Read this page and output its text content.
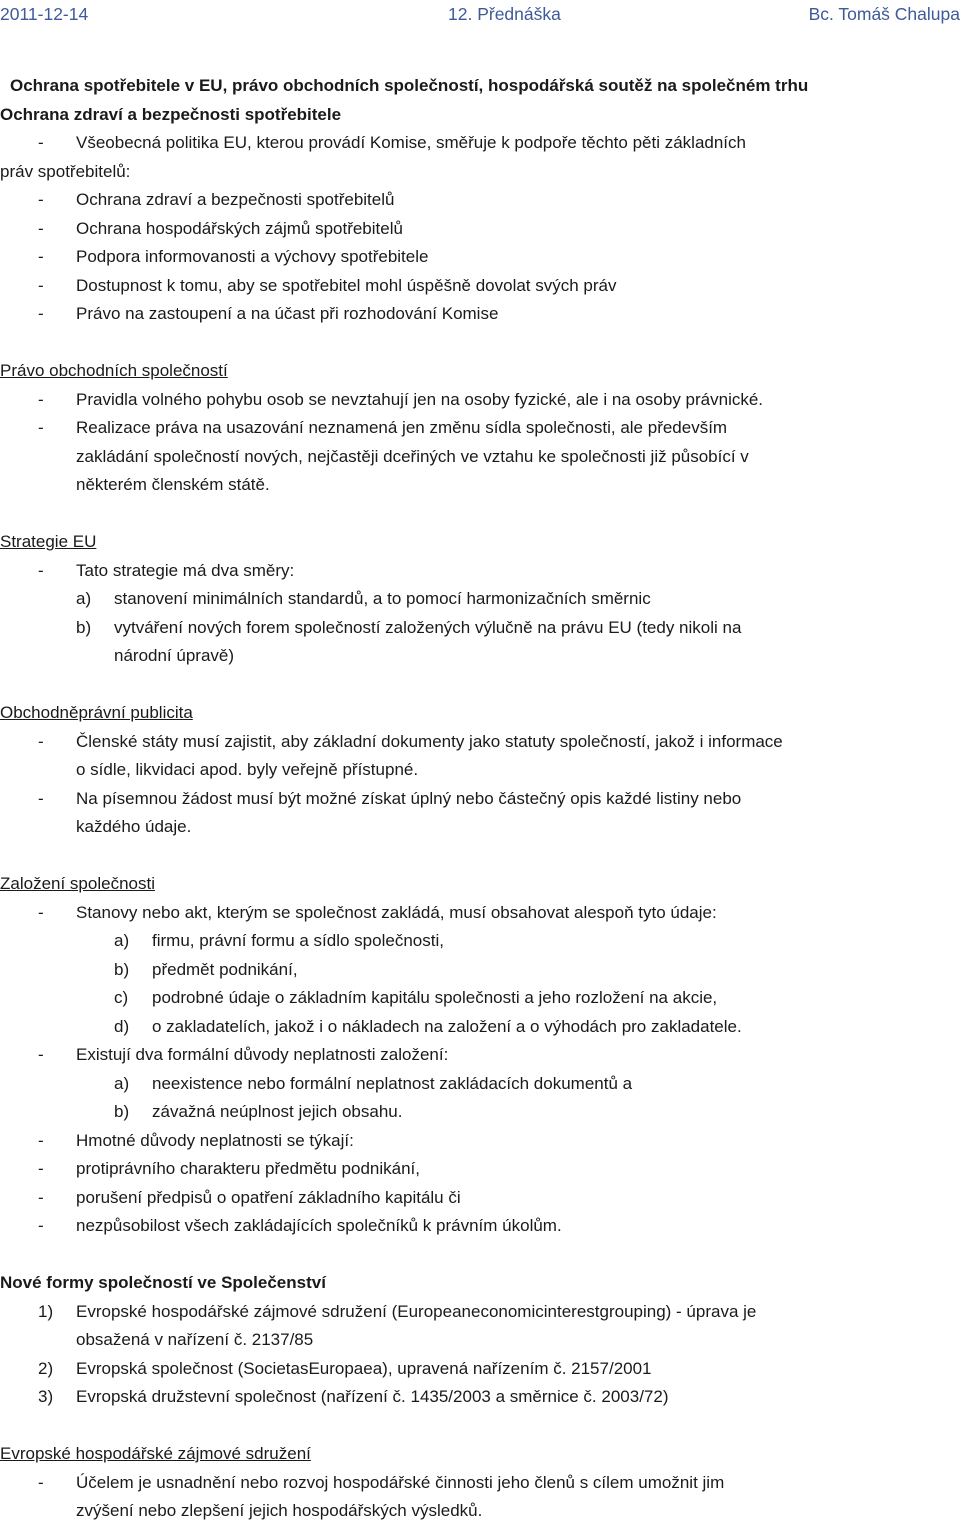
2011-12-14	12. Přednáška	Bc. Tomáš Chalupa
Ochrana spotřebitele v EU, právo obchodních společností, hospodářská soutěž na společném trhu
Ochrana zdraví a bezpečnosti spotřebitele
-	Všeobecná politika EU, kterou provádí Komise, směřuje k podpoře těchto pěti základních
práv spotřebitelů:
-	Ochrana zdraví a bezpečnosti spotřebitelů
-	Ochrana hospodářských zájmů spotřebitelů
-	Podpora informovanosti a výchovy spotřebitele
-	Dostupnost k tomu, aby se spotřebitel mohl úspěšně dovolat svých práv
-	Právo na zastoupení a na účast při rozhodování Komise
Právo obchodních společností
-	Pravidla volného pohybu osob se nevztahují jen na osoby fyzické, ale i na osoby právnické.
-	Realizace práva na usazování neznamená jen změnu sídla společnosti, ale především
zakládání společností nových, nejčastěji dceřiných ve vztahu ke společnosti již působící v
některém členském státě.
Strategie EU
-	Tato strategie má dva směry:
a)	stanovení minimálních standardů, a to pomocí harmonizačních směrnic
b)	vytváření nových forem společností založených výlučně na právu EU (tedy nikoli na
národní úpravě)
Obchodněprávní publicita
-	Členské státy musí zajistit, aby základní dokumenty jako statuty společností, jakož i informace
o sídle, likvidaci apod. byly veřejně přístupné.
-	Na písemnou žádost musí být možné získat úplný nebo částečný opis každé listiny nebo
každého údaje.
Založení společnosti
-	Stanovy nebo akt, kterým se společnost zakládá, musí obsahovat alespoň tyto údaje:
a)	firmu, právní formu a sídlo společnosti,
b)	předmět podnikání,
c)	podrobné údaje o základním kapitálu společnosti a jeho rozložení na akcie,
d)	o zakladatelích, jakož i o nákladech na založení a o výhodách pro zakladatele.
-	Existují dva formální důvody neplatnosti založení:
a)	neexistence nebo formální neplatnost zakládacích dokumentů a
b)	závažná neúplnost jejich obsahu.
-	Hmotné důvody neplatnosti se týkají:
-	protiprávního charakteru předmětu podnikání,
-	porušení předpisů o opatření základního kapitálu či
-	nezpůsobilost všech zakládajících společníků k právním úkolům.
Nové formy společností ve Společenství
1)	Evropské hospodářské zájmové sdružení (Europeaneconomicinterestgrouping) - úprava je
obsažená v nařízení č. 2137/85
2)	Evropská společnost (SocietasEuropaea), upravená nařízením č. 2157/2001
3)	Evropská družstevní společnost (nařízení č. 1435/2003 a směrnice č. 2003/72)
Evropské hospodářské zájmové sdružení
-	Účelem je usnadnění nebo rozvoj hospodářské činnosti jeho členů s cílem umožnit jim
zvýšení nebo zlepšení jejich hospodářských výsledků.
